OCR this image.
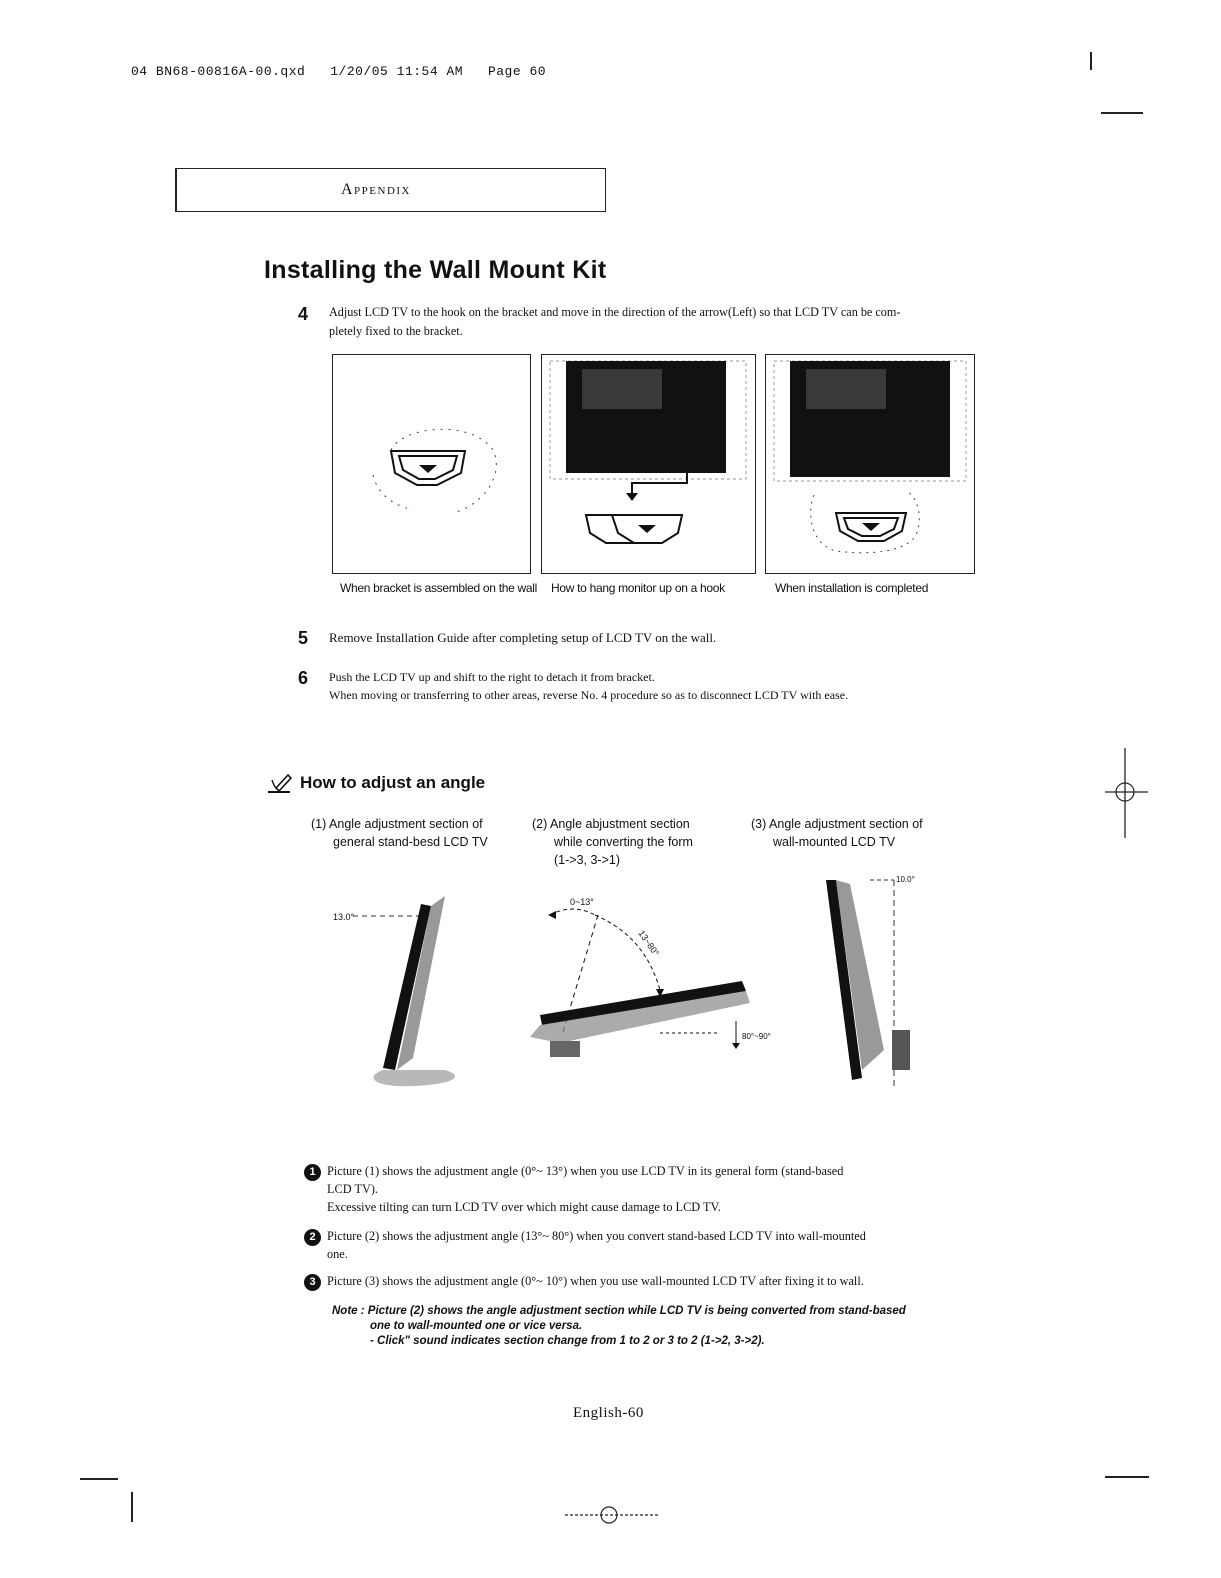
04 BN68-00816A-00.qxd   1/20/05 11:54 AM   Page 60
Appendix
Installing the Wall Mount Kit
4 Adjust LCD TV to the hook on the bracket and move in the direction of the arrow(Left) so that LCD TV can be com-
pletely fixed to the bracket.
When bracket is assembled on the wall How to hang monitor up on a hook	When installation is completed
5 Remove Installation Guide after completing setup of LCD TV on the wall.
6 Push the LCD TV up and shift to the right to detach it from bracket.
When moving or transferring to other areas, reverse No. 4 procedure so as to disconnect LCD TV with ease.
How to adjust an angle
(1) Angle adjustment section of
general stand-besd LCD TV
(2) Angle abjustment section
while converting the form
(1->3, 3->1)
(3) Angle adjustment section of
wall-mounted LCD TV
13.0°
0~13°
13~80°
80°~90°
10.0°
1 Picture (1) shows the adjustment angle (0°~ 13°) when you use LCD TV in its general form (stand-based
LCD TV).
Excessive tilting can turn LCD TV over which might cause damage to LCD TV.
2 Picture (2) shows the adjustment angle (13°~ 80°) when you convert stand-based LCD TV into wall-mounted
one.
3 Picture (3) shows the adjustment angle (0°~ 10°) when you use wall-mounted LCD TV after fixing it to wall.
Note : Picture (2) shows the angle adjustment section while LCD TV is being converted from stand-based
one to wall-mounted one or vice versa.
- Click" sound indicates section change from 1 to 2 or 3 to 2 (1->2, 3->2).
English-60
